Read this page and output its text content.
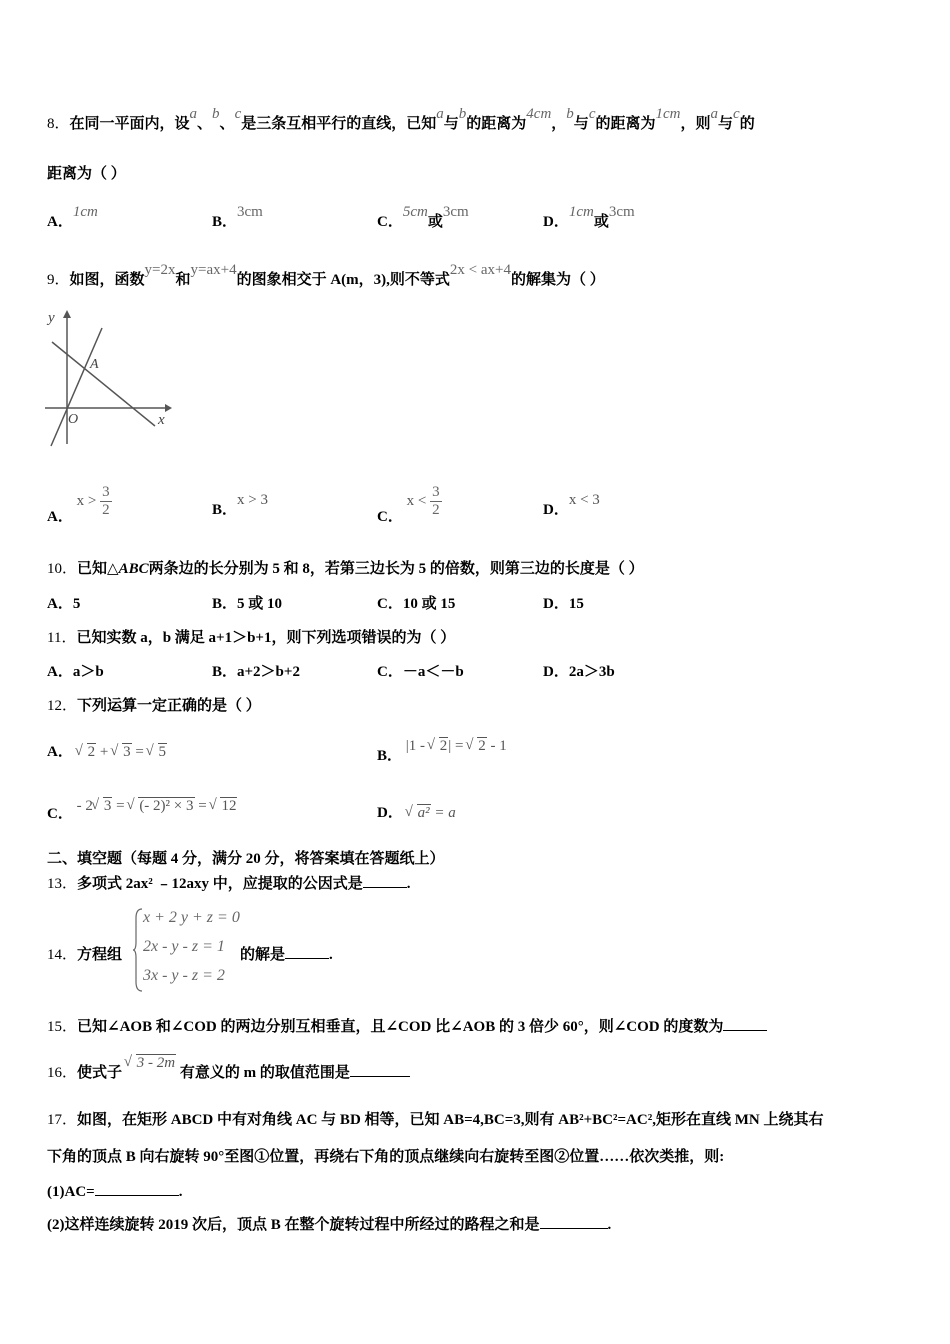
8．在同一平面内，设a、b、c是三条互相平行的直线，已知a与b的距离为4cm，b与c的距离为1cm，则a与c的
距离为（ ）
A．1cm
B．3cm
C．5cm或3cm
D．1cm或3cm
9．如图，函数y=2x和y=ax+4的图象相交于 A(m，3),则不等式2x < ax+4的解集为（ ）
y
A
O	x
A． $x > \frac{3}{2}$	B．x > 3
C． $x < \frac{3}{2}$	D．x < 3
10．已知△ABC两条边的长分别为 5 和 8，若第三边长为 5 的倍数，则第三边的长度是（ ）
A．5	B．5 或 10	C．10 或 15	D．15
11．已知实数 a，b 满足 a+1＞b+1，则下列选项错误的为（ ）
A．a＞b	B．a+2＞b+2	C．－a＜－b	D．2a＞3b
12．下列运算一定正确的是（ ）
A． √ 2 + √ 3 = √ 5	B． |1 - √ 2| = √ 2 - 1
C． - 2 √ 3 = √ (- 2)² × 3 = √ 12	D． √ a² = a
二、填空题（每题 4 分，满分 20 分，将答案填在答题纸上）
13．多项式 2ax² ﹣12axy 中，应提取的公因式是	.
14．方程组	的解是	.
x + 2 y + z = 0
2x - y - z = 1
3x - y - z = 2
15．已知∠AOB 和∠COD 的两边分别互相垂直，且∠COD 比∠AOB 的 3 倍少 60°，则∠COD 的度数为
16．使式子 √ 3 - 2m 有意义的 m 的取值范围是
17．如图，在矩形 ABCD 中有对角线 AC 与 BD 相等，已知 AB=4,BC=3,则有 AB²+BC²=AC²,矩形在直线 MN 上绕其右
下角的顶点 B 向右旋转 90°至图①位置，再绕右下角的顶点继续向右旋转至图②位置……依次类推，则:
(1)AC=	.
(2)这样连续旋转 2019 次后，顶点 B 在整个旋转过程中所经过的路程之和是	.
